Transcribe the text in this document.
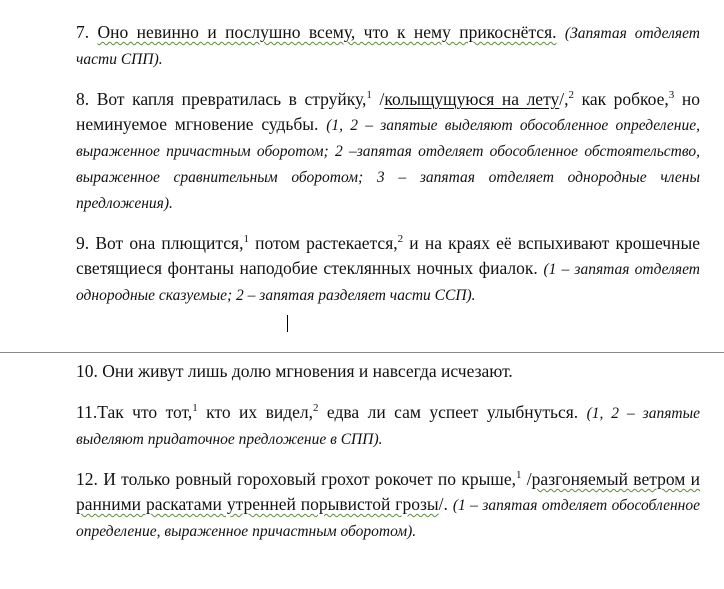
7. Оно невинно и послушно всему, что к нему прикоснётся. (Запятая отделяет части СПП).
8. Вот капля превратилась в струйку,$^1$ /колыщущуюся на лету/,$^2$ как робкое,$^3$ но неминуемое мгновение судьбы. (1, 2 – запятые выделяют обособленное определение, выраженное причастным оборотом; 2 –запятая отделяет обособленное обстоятельство, выраженное сравнительным оборотом; 3 – запятая отделяет однородные члены предложения).
9. Вот она плющится,$^1$ потом растекается,$^2$ и на краях её вспыхивают крошечные светящиеся фонтаны наподобие стеклянных ночных фиалок. (1 – запятая отделяет однородные сказуемые; 2 – запятая разделяет части ССП).
10. Они живут лишь долю мгновения и навсегда исчезают.
11.Так что тот,$^1$ кто их видел,$^2$ едва ли сам успеет улыбнуться. (1, 2 – запятые выделяют придаточное предложение в СПП).
12. И только ровный гороховый грохот рокочет по крыше,$^1$ /разгоняемый ветром и ранними раскатами утренней порывистой грозы/. (1 – запятая отделяет обособленное определение, выраженное причастным оборотом).
